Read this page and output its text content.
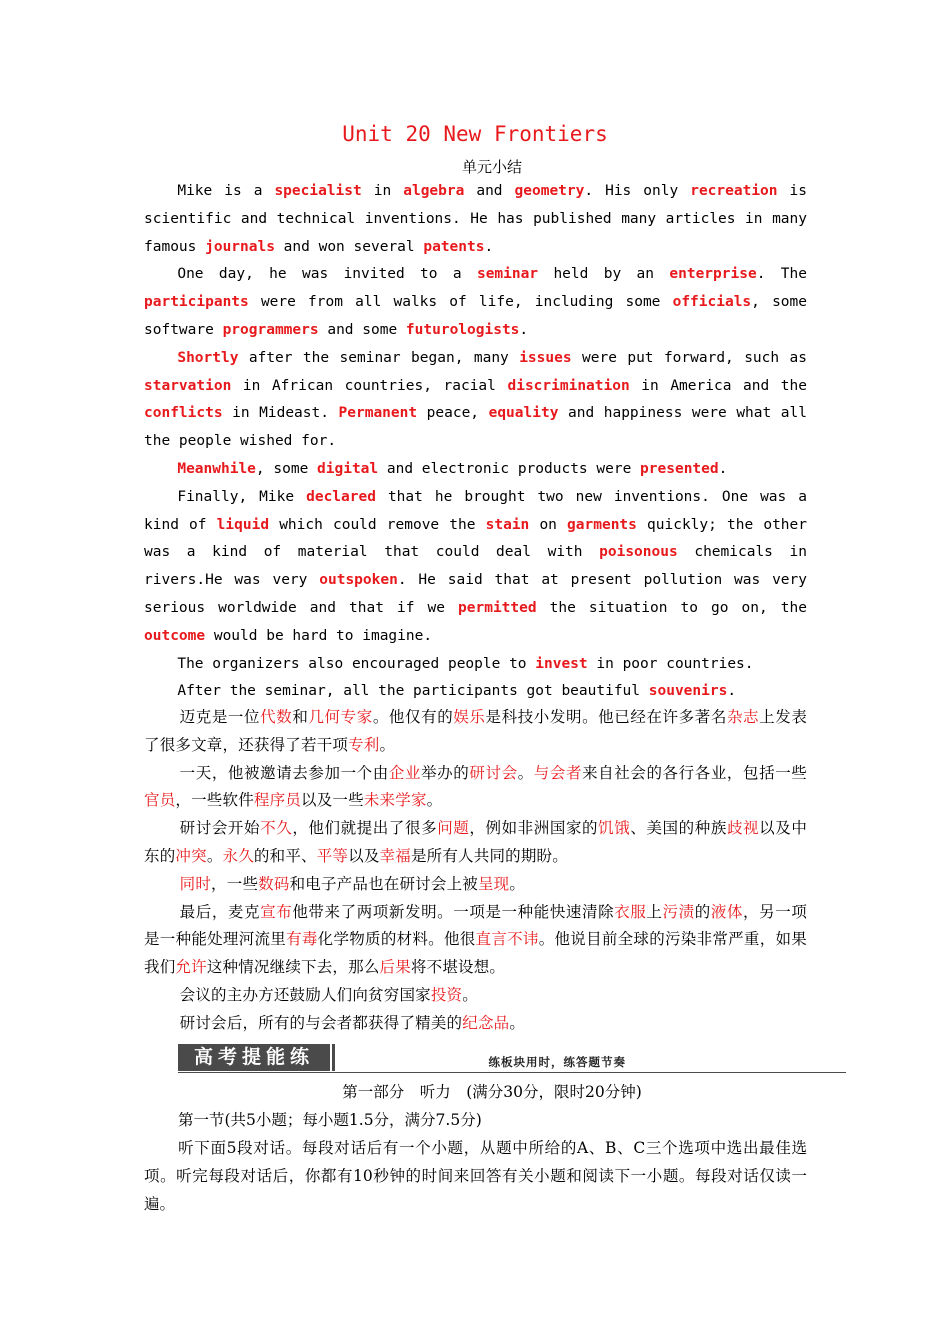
Unit 20 New Frontiers
单元小结

Mike is a specialist in algebra and geometry. His only recreation is scientific and technical inventions. He has published many articles in many famous journals and won several patents.

One day, he was invited to a seminar held by an enterprise. The participants were from all walks of life, including some officials, some software programmers and some futurologists.

Shortly after the seminar began, many issues were put forward, such as starvation in African countries, racial discrimination in America and the conflicts in Mideast. Permanent peace, equality and happiness were what all the people wished for.

Meanwhile, some digital and electronic products were presented.

Finally, Mike declared that he brought two new inventions. One was a kind of liquid which could remove the stain on garments quickly; the other was a kind of material that could deal with poisonous chemicals in rivers.He was very outspoken. He said that at present pollution was very serious worldwide and that if we permitted the situation to go on, the outcome would be hard to imagine.

The organizers also encouraged people to invest in poor countries.

After the seminar, all the participants got beautiful souvenirs.

迈克是一位代数和几何专家。他仅有的娱乐是科技小发明。他已经在许多著名杂志上发表了很多文章，还获得了若干项专利。

一天，他被邀请去参加一个由企业举办的研讨会。与会者来自社会的各行各业，包括一些官员，一些软件程序员以及一些未来学家。

研讨会开始不久，他们就提出了很多问题，例如非洲国家的饥饿、美国的种族歧视以及中东的冲突。永久的和平、平等以及幸福是所有人共同的期盼。

同时，一些数码和电子产品也在研讨会上被呈现。

最后，麦克宣布他带来了两项新发明。一项是一种能快速清除衣服上污渍的液体，另一项是一种能处理河流里有毒化学物质的材料。他很直言不讳。他说目前全球的污染非常严重，如果我们允许这种情况继续下去，那么后果将不堪设想。

会议的主办方还鼓励人们向贫穷国家投资。

研讨会后，所有的与会者都获得了精美的纪念品。

高考提能练	练板块用时，练答题节奏
第一部分　听力　(满分30分，限时20分钟)
第一节(共5小题；每小题1.5分，满分7.5分)
听下面5段对话。每段对话后有一个小题，从题中所给的A、B、C三个选项中选出最佳选项。听完每段对话后，你都有10秒钟的时间来回答有关小题和阅读下一小题。每段对话仅读一遍。
